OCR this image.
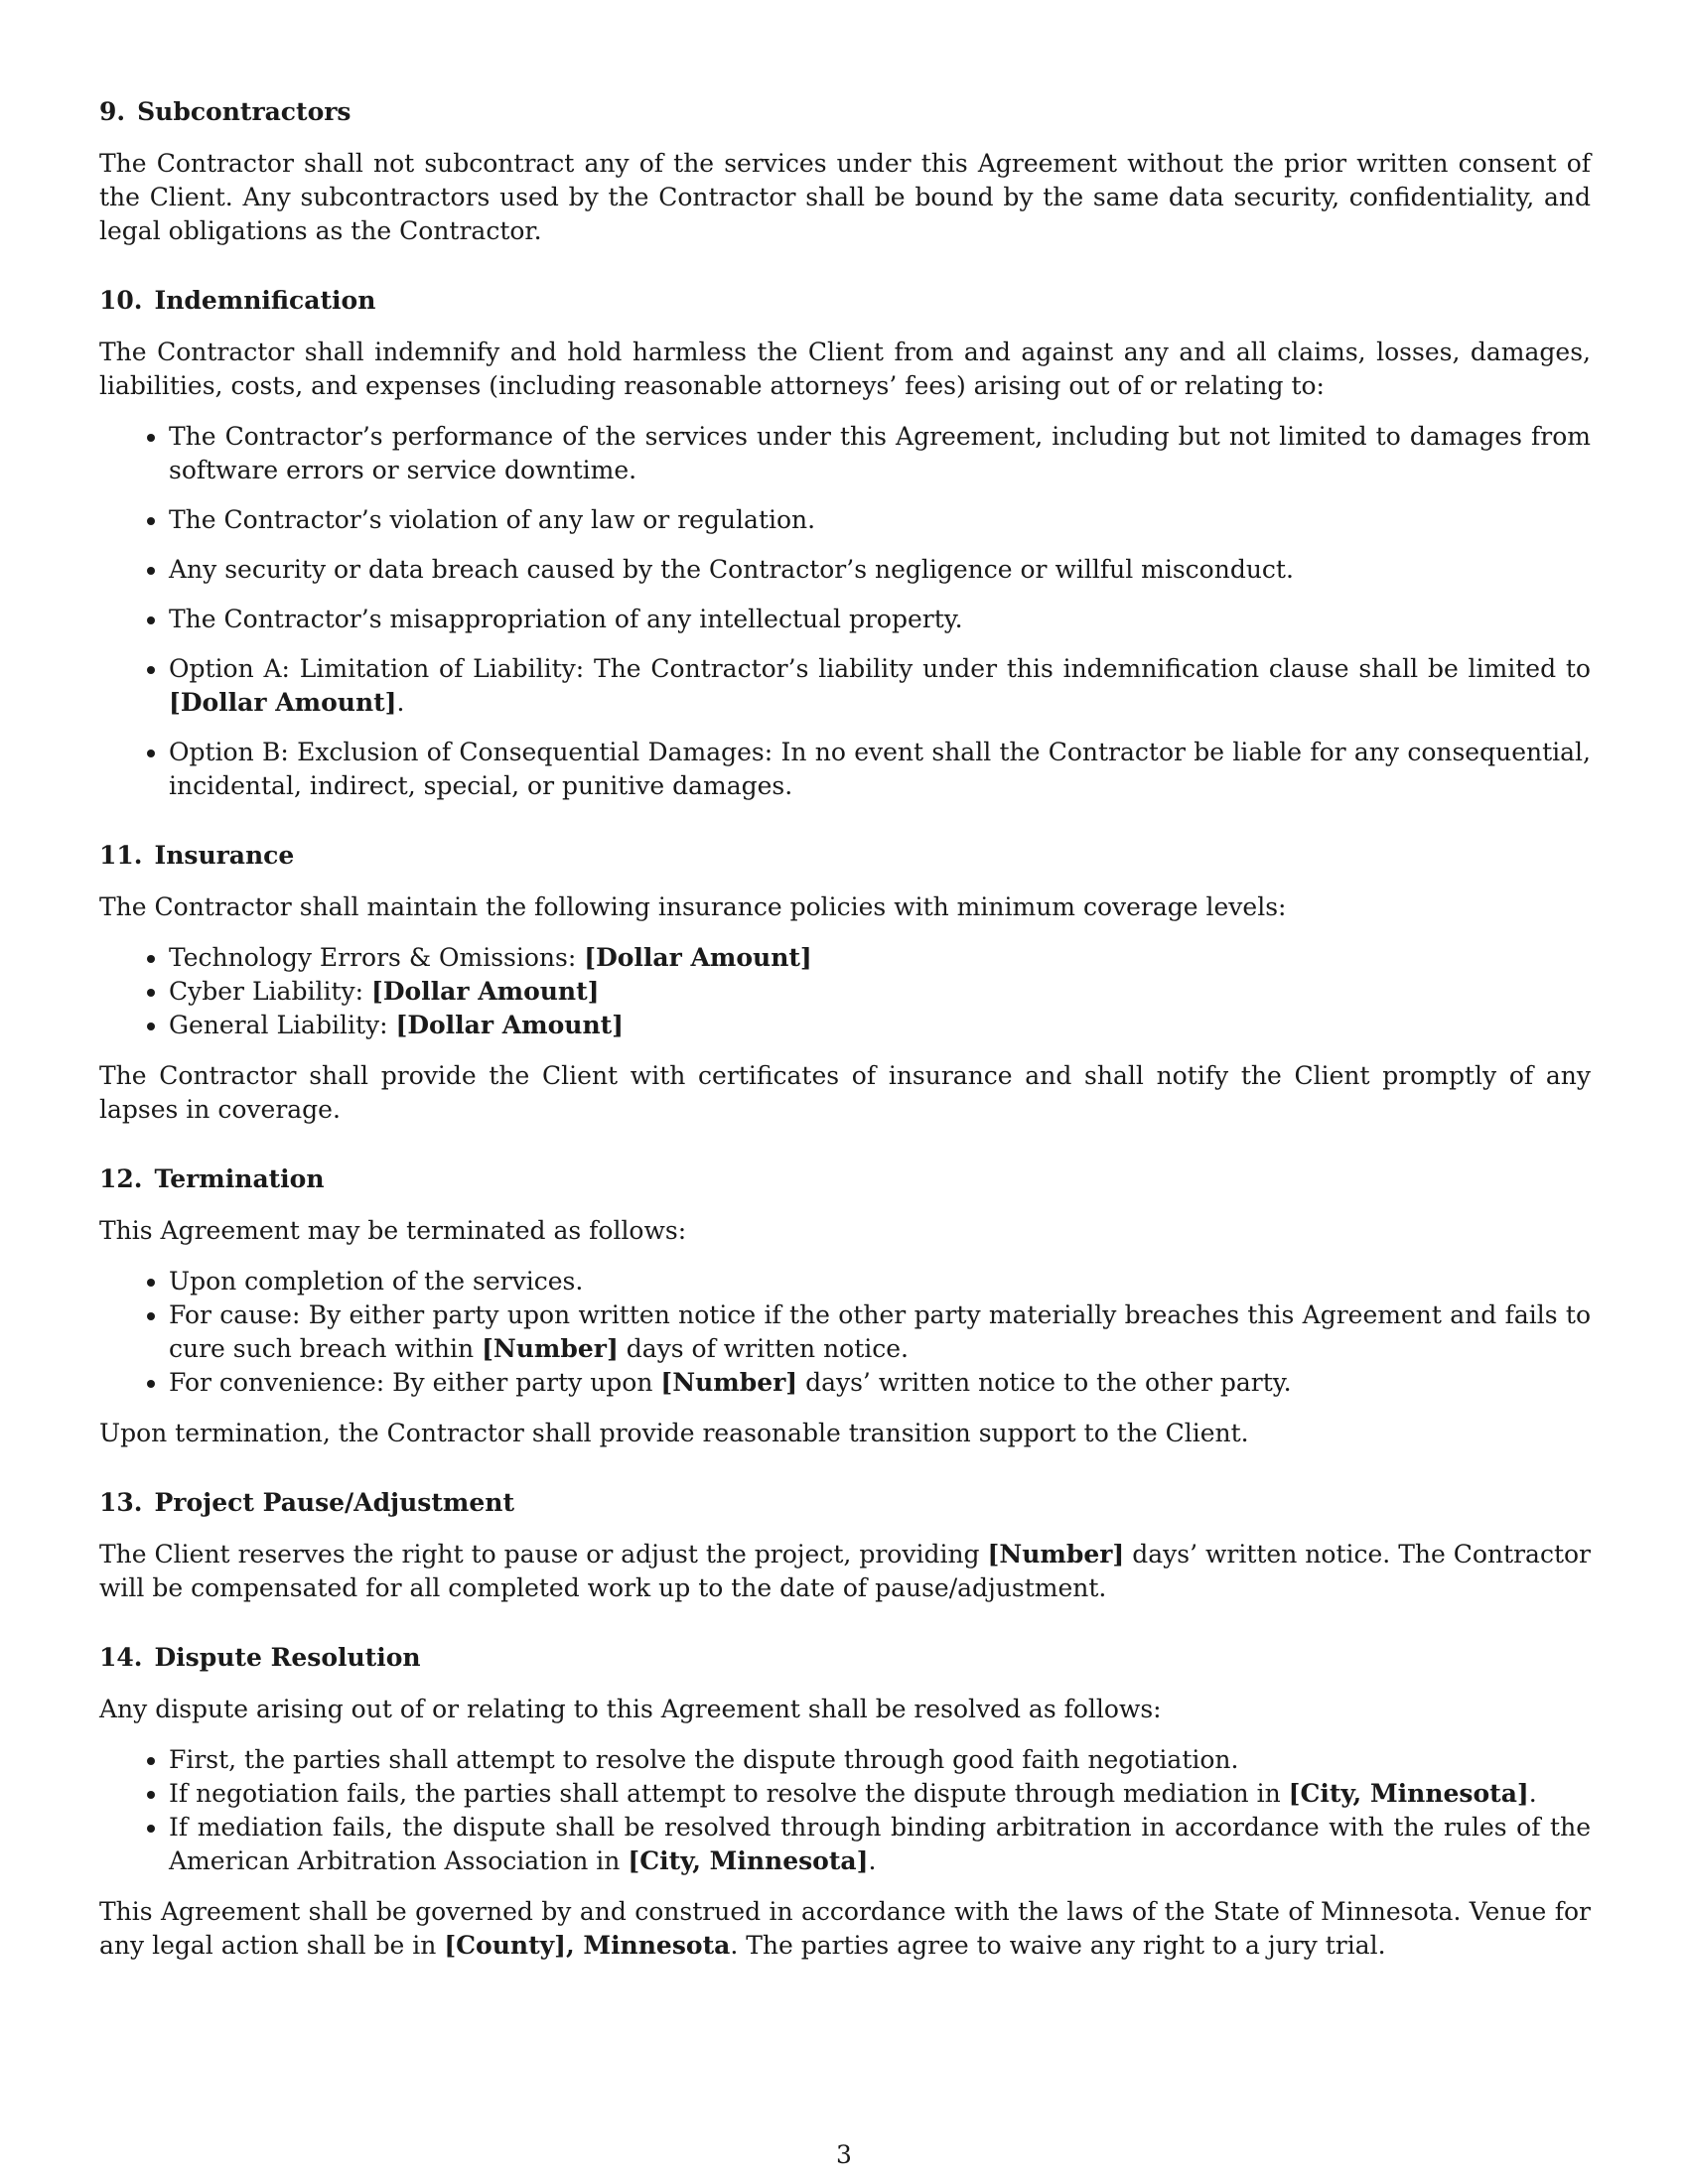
9. Subcontractors

The Contractor shall not subcontract any of the services under this Agreement without the prior written consent of the Client. Any subcontractors used by the Contractor shall be bound by the same data security, confidentiality, and legal obligations as the Contractor.

10. Indemnification

The Contractor shall indemnify and hold harmless the Client from and against any and all claims, losses, damages, liabilities, costs, and expenses (including reasonable attorneys’ fees) arising out of or relating to:

• The Contractor’s performance of the services under this Agreement, including but not limited to damages from software errors or service downtime.
• The Contractor’s violation of any law or regulation.
• Any security or data breach caused by the Contractor’s negligence or willful misconduct.
• The Contractor’s misappropriation of any intellectual property.
• Option A: Limitation of Liability: The Contractor’s liability under this indemnification clause shall be limited to [Dollar Amount].
• Option B: Exclusion of Consequential Damages: In no event shall the Contractor be liable for any consequential, incidental, indirect, special, or punitive damages.
11. Insurance

The Contractor shall maintain the following insurance policies with minimum coverage levels:

• Technology Errors & Omissions: [Dollar Amount]
• Cyber Liability: [Dollar Amount]
• General Liability: [Dollar Amount]

The Contractor shall provide the Client with certificates of insurance and shall notify the Client promptly of any lapses in coverage.

12. Termination

This Agreement may be terminated as follows:

• Upon completion of the services.
• For cause: By either party upon written notice if the other party materially breaches this Agreement and fails to cure such breach within [Number] days of written notice.
• For convenience: By either party upon [Number] days’ written notice to the other party.

Upon termination, the Contractor shall provide reasonable transition support to the Client.

13. Project Pause/Adjustment

The Client reserves the right to pause or adjust the project, providing [Number] days’ written notice. The Contractor will be compensated for all completed work up to the date of pause/adjustment.

14. Dispute Resolution

Any dispute arising out of or relating to this Agreement shall be resolved as follows:

• First, the parties shall attempt to resolve the dispute through good faith negotiation.
• If negotiation fails, the parties shall attempt to resolve the dispute through mediation in [City, Minnesota].
• If mediation fails, the dispute shall be resolved through binding arbitration in accordance with the rules of the American Arbitration Association in [City, Minnesota].

This Agreement shall be governed by and construed in accordance with the laws of the State of Minnesota. Venue for any legal action shall be in [County], Minnesota. The parties agree to waive any right to a jury trial.

3
